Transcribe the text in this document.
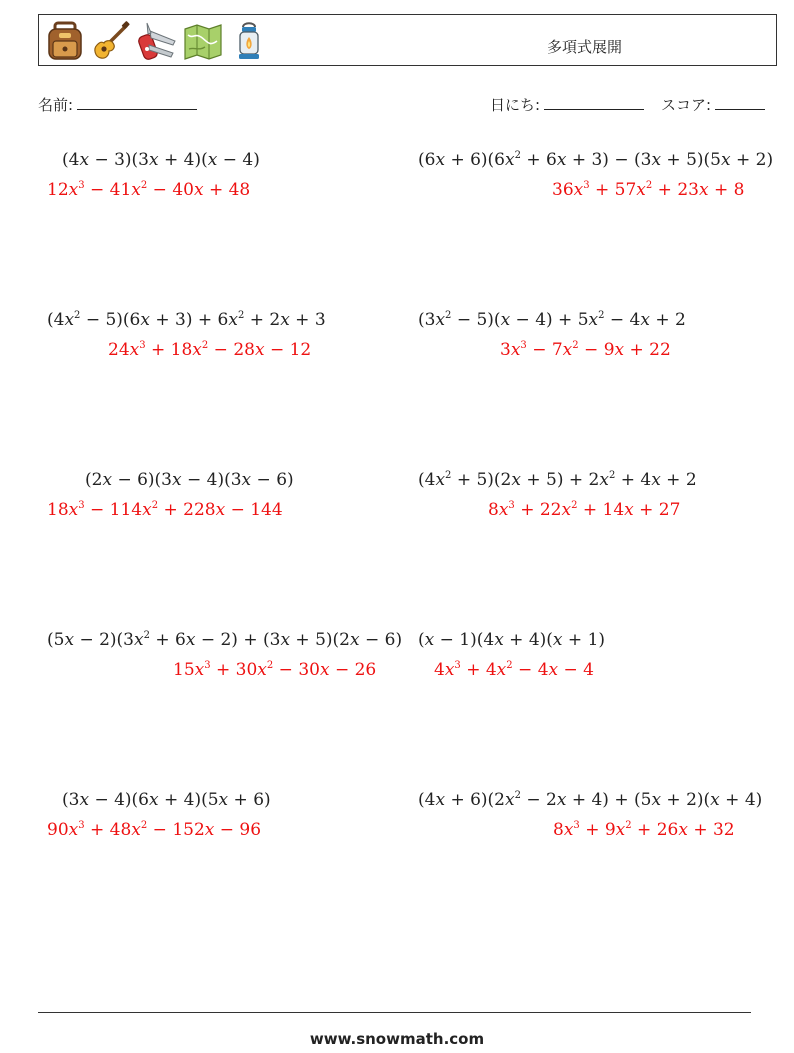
多項式展開
名前:	日にち:	スコア:
(4x − 3)(3x + 4)(x − 4)
$12x^3 - 41x^2 - 40x + 48$
$(6x + 6)(6x^2 + 6x + 3) - (3x + 5)(5x + 2)$
$36x^3 + 57x^2 + 23x + 8$
$(4x^2 - 5)(6x + 3) + 6x^2 + 2x + 3$
$24x^3 + 18x^2 - 28x - 12$
$(3x^2 - 5)(x - 4) + 5x^2 - 4x + 2$
$3x^3 - 7x^2 - 9x + 22$
(2x − 6)(3x − 4)(3x − 6)
$18x^3 - 114x^2 + 228x - 144$
$(4x^2 + 5)(2x + 5) + 2x^2 + 4x + 2$
$8x^3 + 22x^2 + 14x + 27$
$(5x - 2)(3x^2 + 6x - 2) + (3x + 5)(2x - 6)$
$15x^3 + 30x^2 - 30x - 26$
(x − 1)(4x + 4)(x + 1)
$4x^3 + 4x^2 - 4x - 4$
(3x − 4)(6x + 4)(5x + 6)
$90x^3 + 48x^2 - 152x - 96$
$(4x + 6)(2x^2 - 2x + 4) + (5x + 2)(x + 4)$
$8x^3 + 9x^2 + 26x + 32$
www.snowmath.com
